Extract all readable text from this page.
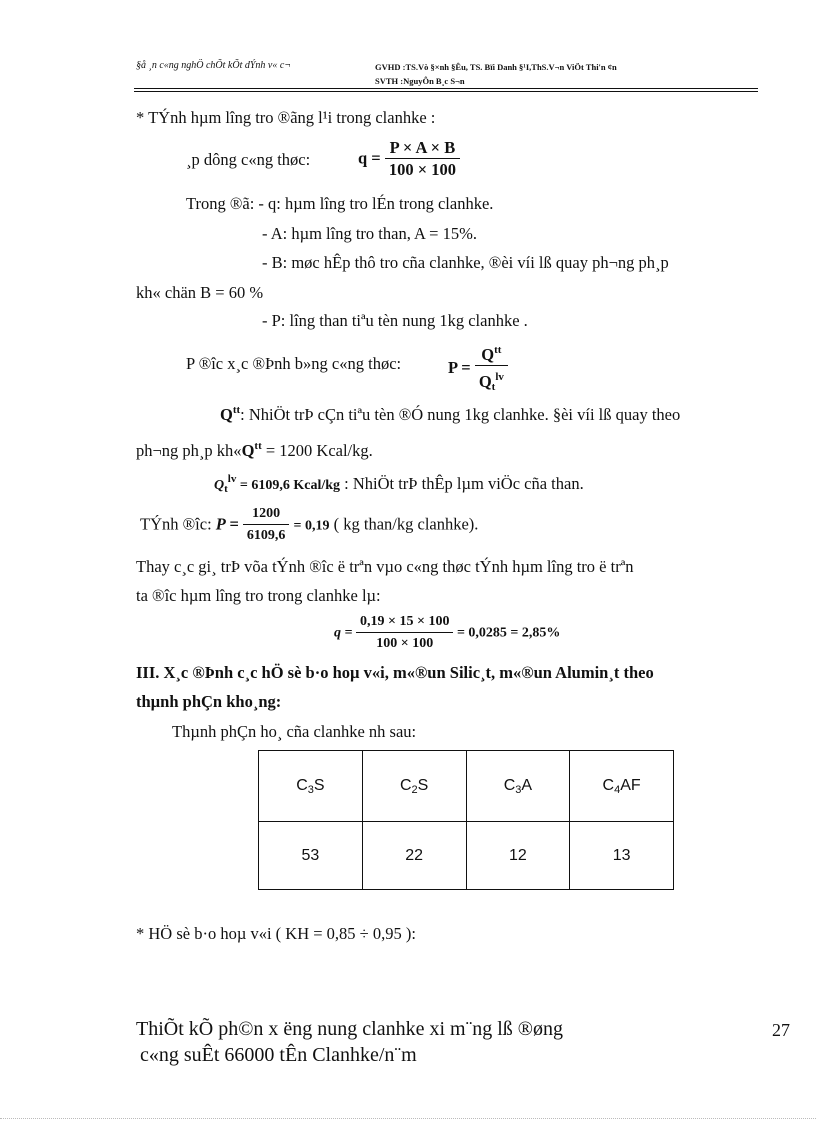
§å ¸n c«ng nghÖ chÕt kÕt dÝnh v« c¬	GVHD :TS.Vò §×nh §Êu, TS. Bïi Danh §¹I,ThS.V¬n ViÖt Thi'n ¢n
SVTH :NguyÔn B¸c S¬n
* TÝnh hµm lîng tro ®ãng l¹i trong clanhke :
¸p dông c«ng thøc:	$q = \frac{P \times A \times B}{100 \times 100}$
Trong ®ã: - q: hµm lîng tro lÉn trong clanhke.
- A: hµm lîng tro than, A = 15%.
- B: møc hÊp thô tro cña clanhke, ®èi víi lß quay ph¬ng ph¸p
kh« chän B = 60 %
- P: lîng than tiªu tèn nung 1kg clanhke .
P ®îc x¸c ®Þnh b»ng c«ng thøc:	$P = \frac{Q^{tt}}{Q_t^{lv}}$
$Q^{tt}$: NhiÖt trÞ cÇn tiªu tèn ®Ó nung 1kg clanhke. §èi víi lß quay theo
ph¬ng ph¸p $kh«Q^{tt} = 1200$ Kcal/kg.
$Q_t^{lv} = 6109,6$ Kcal/kg : NhiÖt trÞ thÊp lµm viÖc cña than.
TÝnh ®îc: $P = \frac{1200}{6109,6} = 0,19$ ( kg than/kg clanhke).
Thay c¸c gi¸ trÞ võa tÝnh ®îc ë trªn vµo c«ng thøc tÝnh hµm lîng tro ë trªn
ta ®îc hµm lîng tro trong clanhke lµ:
$q = \frac{0,19 \times 15 \times 100}{100 \times 100} = 0,0285 = 2,85\%$
III. X¸c ®Þnh c¸c hÖ sè b·o hoµ v«i, m«®un Silic¸t, m«®un Alumin¸t theo
thµnh phÇn kho¸ng:
Thµnh phÇn ho¸ cña clanhke nh sau:
$C_3S$	$C_2S$	$C_3A$	$C_4AF$
53	22	12	13
* HÖ sè b·o hoµ v«i ( KH = 0,85 ÷ 0,95 ):
ThiÕt kÕ ph©n x ëng nung clanhke xi m¨ng lß ®øng
c«ng suÊt 66000 tÊn Clanhke/n¨m
27
